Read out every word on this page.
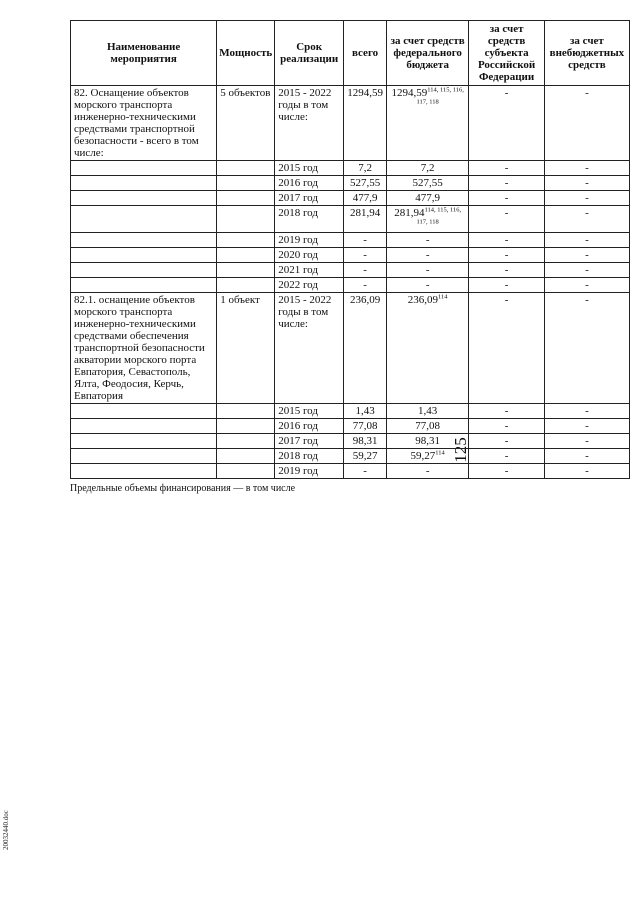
125
20032440.doc
Наименование мероприятия	Мощность	Срок реализации	всего	за счет средств федерального бюджета	за счет средств субъекта Российской Федерации	за счет внебюджетных средств
82. Оснащение объектов морского транспорта инженерно-техническими средствами транспортной безопасности - всего в том числе:	5 объектов	2015 - 2022 годы в том числе:	1294,59	1294,59$^{114, 115, 116, 117, 118}$	-	-
		2015 год	7,2	7,2	-	-
		2016 год	527,55	527,55	-	-
		2017 год	477,9	477,9	-	-
		2018 год	281,94	281,94$^{114, 115, 116, 117, 118}$	-	-
		2019 год	-	-	-	-
		2020 год	-	-	-	-
		2021 год	-	-	-	-
		2022 год	-	-	-	-
82.1. оснащение объектов морского транспорта инженерно-техническими средствами обеспечения транспортной безопасности акватории морского порта Евпатория, Севастополь, Ялта, Феодосия, Керчь, Евпатория	1 объект	2015 - 2022 годы в том числе:	236,09	236,09$^{114}$	-	-
		2015 год	1,43	1,43	-	-
		2016 год	77,08	77,08	-	-
		2017 год	98,31	98,31	-	-
		2018 год	59,27	59,27$^{114}$	-	-
		2019 год	-	-	-	-
Предельные объемы финансирования — в том числе
